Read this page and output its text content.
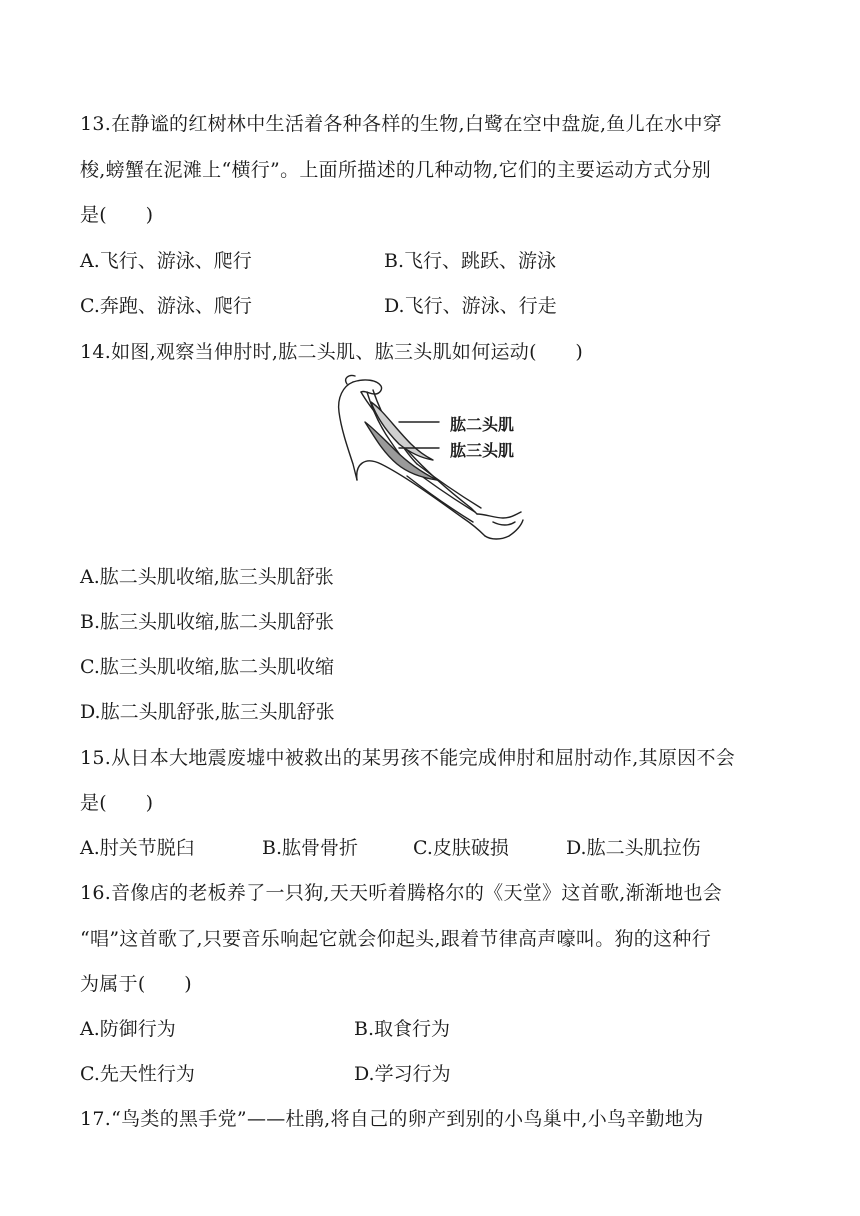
13.在静谧的红树林中生活着各种各样的生物,白鹭在空中盘旋,鱼儿在水中穿
梭,螃蟹在泥滩上“横行”。上面所描述的几种动物,它们的主要运动方式分别
是(　　)
A.飞行、游泳、爬行	B.飞行、跳跃、游泳
C.奔跑、游泳、爬行	D.飞行、游泳、行走
14.如图,观察当伸肘时,肱二头肌、肱三头肌如何运动(　　)
肱二头肌
肱三头肌
A.肱二头肌收缩,肱三头肌舒张
B.肱三头肌收缩,肱二头肌舒张
C.肱三头肌收缩,肱二头肌收缩
D.肱二头肌舒张,肱三头肌舒张
15.从日本大地震废墟中被救出的某男孩不能完成伸肘和屈肘动作,其原因不会
是(　　)
A.肘关节脱臼	B.肱骨骨折	C.皮肤破损	D.肱二头肌拉伤
16.音像店的老板养了一只狗,天天听着腾格尔的《天堂》这首歌,渐渐地也会
“唱”这首歌了,只要音乐响起它就会仰起头,跟着节律高声嚎叫。狗的这种行
为属于(　　)
A.防御行为	B.取食行为
C.先天性行为	D.学习行为
17.“鸟类的黑手党”——杜鹃,将自己的卵产到别的小鸟巢中,小鸟辛勤地为
